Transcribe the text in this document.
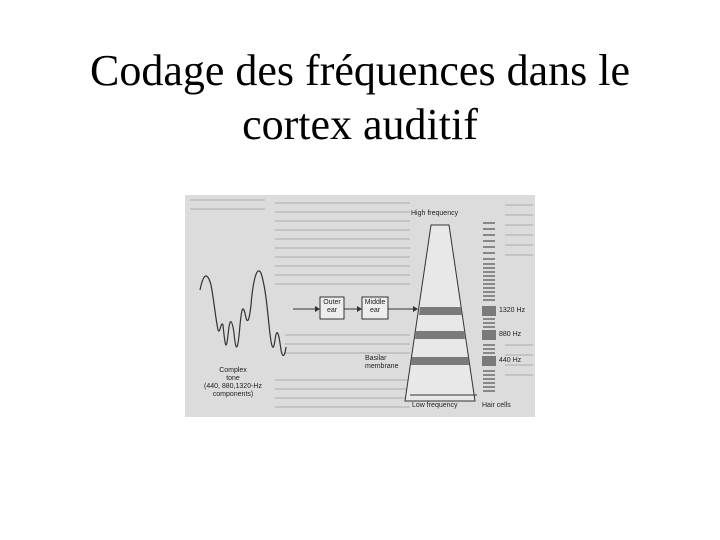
Codage des fréquences dans le
cortex auditif
High frequency
Low frequency	Hair cells
Outer
ear
Middle
ear
Basilar
membrane
Complex
tone
(440, 880,1320-Hz
components)
1320 Hz
880 Hz
440 Hz
